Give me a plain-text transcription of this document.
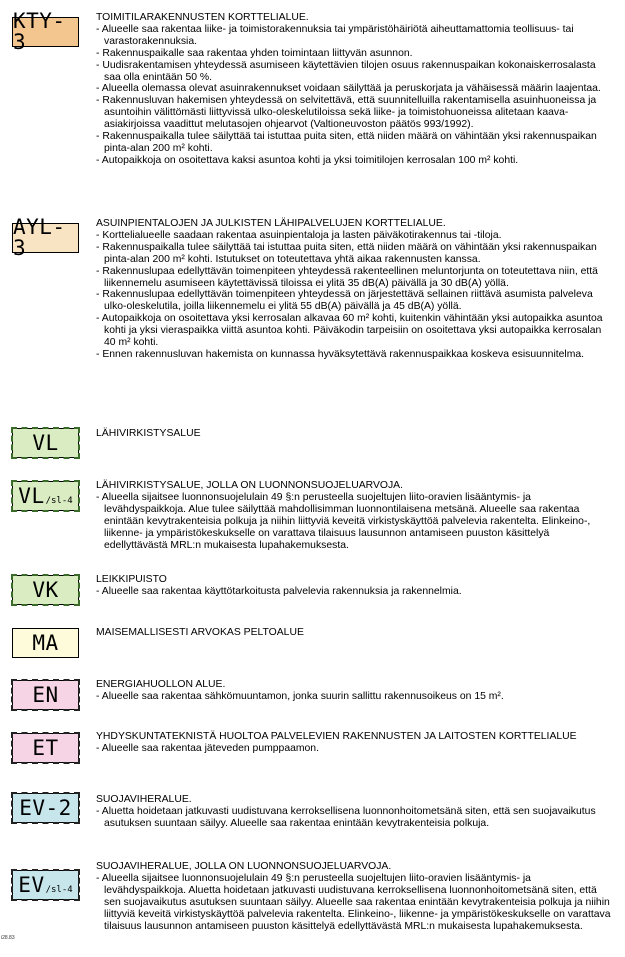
KTY-3
AYL-3
VL
VL /sl-4
VK
MA
EN
ET
EV-2
EV /sl-4
TOIMITILARAKENNUSTEN KORTTELIALUE.
- Alueelle saa rakentaa liike- ja toimistorakennuksia tai ympäristöhäiriötä aiheuttamattomia teollisuus- tai varastorakennuksia.
- Rakennuspaikalle saa rakentaa yhden toimintaan liittyvän asunnon.
- Uudisrakentamisen yhteydessä asumiseen käytettävien tilojen osuus rakennuspaikan kokonaiskerrosalasta saa olla enintään 50 %.
- Alueella olemassa olevat asuinrakennukset voidaan säilyttää ja peruskorjata ja vähäisessä määrin laajentaa.
- Rakennusluvan hakemisen yhteydessä on selvitettävä, että suunnitelluilla rakentamisella asuinhuoneissa ja asuntoihin välittömästi liittyvissä ulko-oleskelutiloissa sekä liike- ja toimistohuoneissa alitetaan kaava-asiakirjoissa vaadittut melutasojen ohjearvot (Valtioneuvoston päätös 993/1992).
- Rakennuspaikalla tulee säilyttää tai istuttaa puita siten, että niiden määrä on vähintään yksi rakennuspaikan pinta-alan 200 m² kohti.
- Autopaikkoja on osoitettava kaksi asuntoa kohti ja yksi toimitilojen kerrosalan 100 m² kohti.
ASUINPIENTALOJEN JA JULKISTEN LÄHIPALVELUJEN KORTTELIALUE.
- Korttelialueelle saadaan rakentaa asuinpientaloja ja lasten päiväkotirakennus tai -tiloja.
- Rakennuspaikalla tulee säilyttää tai istuttaa puita siten, että niiden määrä on vähintään yksi rakennuspaikan pinta-alan 200 m² kohti. Istutukset on toteutettava yhtä aikaa rakennusten kanssa.
- Rakennuslupaa edellyttävän toimenpiteen yhteydessä rakenteellinen meluntorjunta on toteutettava niin, että liikennemelu asumiseen käytettävissä tiloissa ei ylitä 35 dB(A) päivällä ja 30 dB(A) yöllä.
- Rakennuslupaa edellyttävän toimenpiteen yhteydessä on järjestettävä sellainen riittävä asumista palveleva ulko-oleskelutila, joilla liikennemelu ei ylitä 55 dB(A) päivällä ja 45 dB(A) yöllä.
- Autopaikkoja on osoitettava yksi kerrosalan alkavaa 60 m² kohti, kuitenkin vähintään yksi autopaikka asuntoa kohti ja yksi vieraspaikka viittä asuntoa kohti. Päiväkodin tarpeisiin on osoitettava yksi autopaikka kerrosalan 40 m² kohti.
- Ennen rakennusluvan hakemista on kunnassa hyväksytettävä rakennuspaikkaa koskeva esisuunnitelma.
LÄHIVIRKISTYSALUE
LÄHIVIRKISTYSALUE, JOLLA ON LUONNONSUOJELUARVOJA.
- Alueella sijaitsee luonnonsuojelulain 49 §:n perusteella suojeltujen liito-oravien lisääntymis- ja levähdyspaikkoja. Alue tulee säilyttää mahdollisimman luonnontilaisena metsänä. Alueelle saa rakentaa enintään kevytrakenteisia polkuja ja niihin liittyviä keveitä virkistyskäyttöä palvelevia rakentelta. Elinkeino-, liikenne- ja ympäristökeskukselle on varattava tilaisuus lausunnon antamiseen puuston käsittelyä edellyttävästä MRL:n mukaisesta lupahakemuksesta.
LEIKKIPUISTO
- Alueelle saa rakentaa käyttötarkoitusta palvelevia rakennuksia ja rakennelmia.
MAISEMALLISESTI ARVOKAS PELTOALUE
ENERGIAHUOLLON ALUE.
- Alueelle saa rakentaa sähkömuuntamon, jonka suurin sallittu rakennusoikeus on 15 m².
YHDYSKUNTATEKNISTÄ HUOLTOA PALVELEVIEN RAKENNUSTEN JA LAITOSTEN KORTTELIALUE
- Alueelle saa rakentaa jäteveden pumppaamon.
SUOJAVIHERALUE.
- Aluetta hoidetaan jatkuvasti uudistuvana kerroksellisena luonnonhoitometsänä siten, että sen suojavaikutus asutuksen suuntaan säilyy. Alueelle saa rakentaa enintään kevytrakenteisia polkuja.
SUOJAVIHERALUE, JOLLA ON LUONNONSUOJELUARVOJA.
- Alueella sijaitsee luonnonsuojelulain 49 §:n perusteella suojeltujen liito-oravien lisääntymis- ja levähdyspaikkoja. Aluetta hoidetaan jatkuvasti uudistuvana kerroksellisena luonnonhoitometsänä siten, että sen suojavaikutus asutuksen suuntaan säilyy. Alueelle saa rakentaa enintään kevytrakenteisia polkuja ja niihin liittyviä keveitä virkistyskäyttöä palvelevia rakentelta. Elinkeino-, liikenne- ja ympäristökeskukselle on varattava tilaisuus lausunnon antamiseen puuston käsittelyä edellyttävästä MRL:n mukaisesta lupahakemuksesta.
i28.83
